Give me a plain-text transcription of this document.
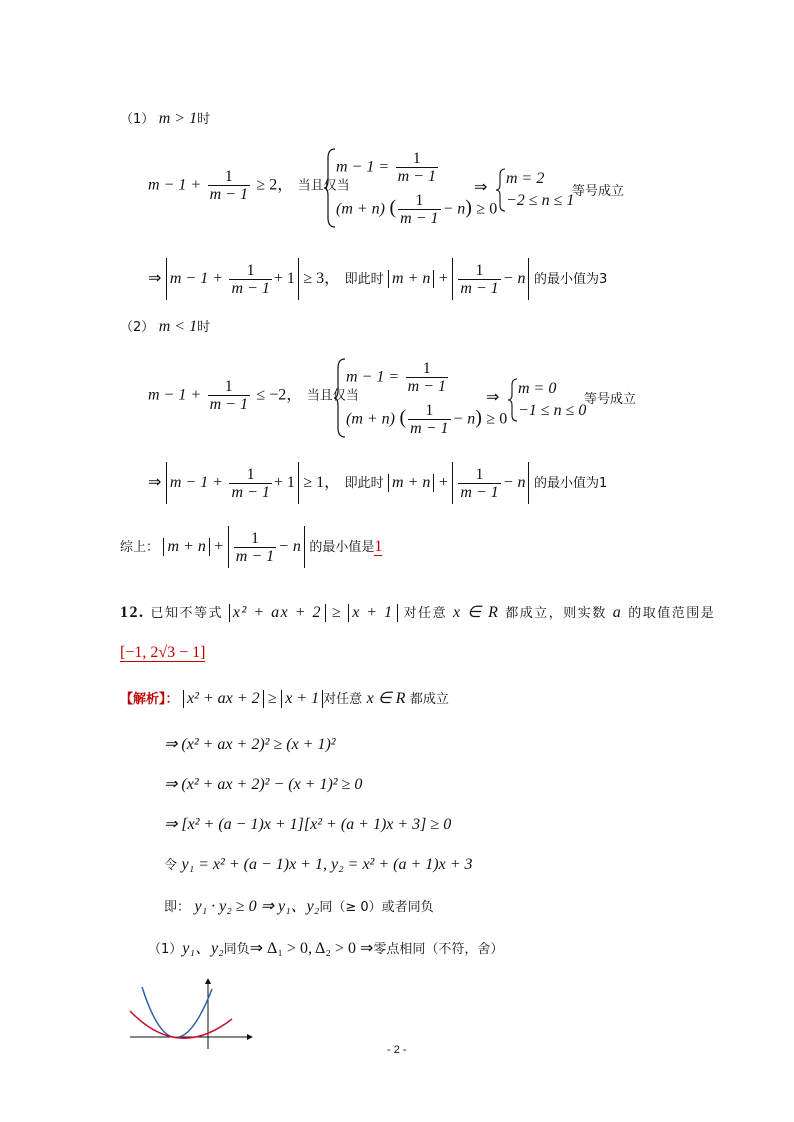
（1） m > 1时
$m - 1 + \frac{1}{m - 1} \ge 2$， 当且仅当
$m - 1 = \frac{1}{m - 1}$
(m + n) ( $\frac{1}{m - 1} - n) \ge 0$
⇒
m = 2
−2 ≤ n ≤ 1
等号成立
⇒ $m - 1 + \frac{1}{m - 1} + 1 \ge 3$， 即此时 $m + n + \frac{1}{m - 1} - n$ 的最小值为3
（2） m < 1时
$m - 1 + \frac{1}{m - 1} \le -2$， 当且仅当
$m - 1 = \frac{1}{m - 1}$
(m + n) ( $\frac{1}{m - 1} - n) \ge 0$
⇒
m = 0
−1 ≤ n ≤ 0
等号成立
⇒ $m - 1 + \frac{1}{m - 1} + 1 \ge 1$， 即此时 $m + n + \frac{1}{m - 1} - n$ 的最小值为1
综上： $m + n + \frac{1}{m - 1} - n$ 的最小值是1
12. 已知不等式 x² + ax + 2 ≥ x + 1 对任意 x ∈ R 都成立，则实数 a 的取值范围是
[−1, 2√3 − 1]
【解析】： x² + ax + 2 ≥ x + 1 对任意 x ∈ R 都成立
⇒ (x² + ax + 2)² ≥ (x + 1)²
⇒ (x² + ax + 2)² − (x + 1)² ≥ 0
⇒ [x² + (a − 1)x + 1][x² + (a + 1)x + 3] ≥ 0
令 y₁ = x² + (a − 1)x + 1, y₂ = x² + (a + 1)x + 3
即： y₁ · y₂ ≥ 0 ⇒ y₁、y₂同（≥ 0）或者同负
（1）y₁、y₂同负⇒ Δ₁ > 0, Δ₂ > 0 ⇒零点相同（不符，舍）
- 2 -
